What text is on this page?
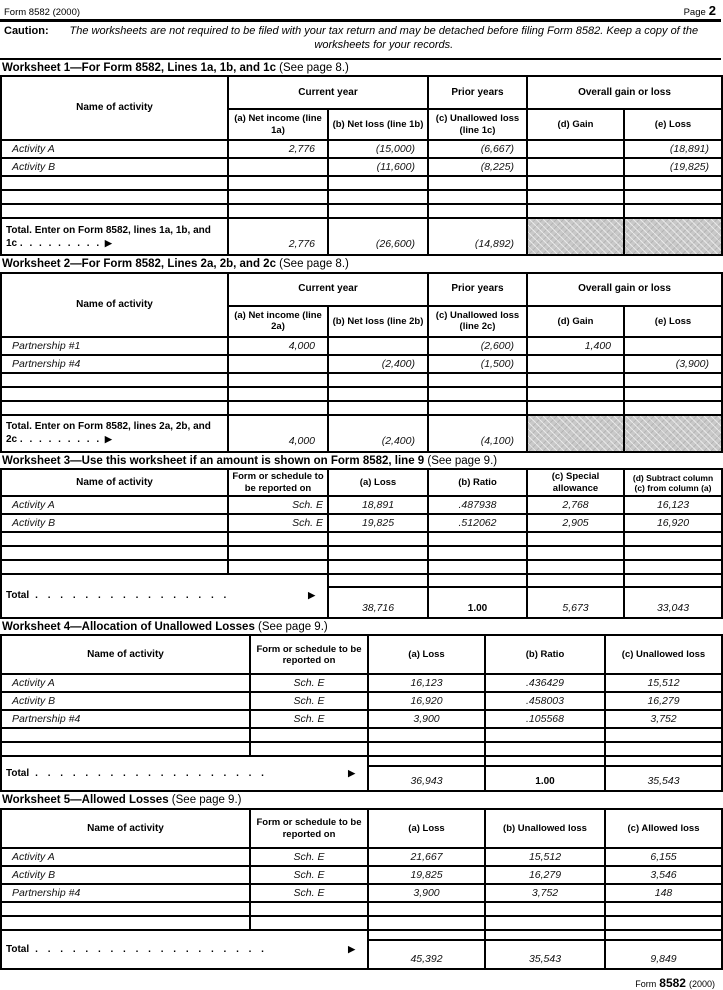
Form 8582 (2000)	Page 2
Caution:	The worksheets are not required to be filed with your tax return and may be detached before filing Form 8582. Keep a copy of the worksheets for your records.
Worksheet 1—For Form 8582, Lines 1a, 1b, and 1c (See page 8.)
Name of activity	Current year		Prior years	Overall gain or loss	
	(a) Net income (line 1a)	(b) Net loss (line 1b)	(c) Unallowed loss (line 1c)	(d) Gain	(e) Loss
Activity A	2,776	(15,000)	(6,667)		(18,891)
Activity B		(11,600)	(8,225)		(19,825)

Total. Enter on Form 8582, lines 1a, 1b, and 1c . . . . . . . . . ▶	2,776	(26,600)	(14,892)		
Worksheet 2—For Form 8582, Lines 2a, 2b, and 2c (See page 8.)
Name of activity	Current year		Prior years	Overall gain or loss	
	(a) Net income (line 2a)	(b) Net loss (line 2b)	(c) Unallowed loss (line 2c)	(d) Gain	(e) Loss
Partnership #1	4,000		(2,600)	1,400	
Partnership #4		(2,400)	(1,500)		(3,900)

Total. Enter on Form 8582, lines 2a, 2b, and 2c . . . . . . . . . ▶	4,000	(2,400)	(4,100)		
Worksheet 3—Use this worksheet if an amount is shown on Form 8582, line 9 (See page 9.)
Name of activity	Form or schedule to be reported on	(a) Loss	(b) Ratio	(c) Special allowance	(d) Subtract column (c) from column (a)
Activity A	Sch. E	18,891	.487938	2,768	16,123
Activity B	Sch. E	19,825	.512062	2,905	16,920

Total . . . . . . . . . . . . . . . . ▶		38,716	1.00	5,673	33,043
Worksheet 4—Allocation of Unallowed Losses (See page 9.)
Name of activity	Form or schedule to be reported on	(a) Loss	(b) Ratio	(c) Unallowed loss
Activity A	Sch. E	16,123	.436429	15,512
Activity B	Sch. E	16,920	.458003	16,279
Partnership #4	Sch. E	3,900	.105568	3,752

Total . . . . . . . . . . . . . . . . . . . ▶		36,943	1.00	35,543
Worksheet 5—Allowed Losses (See page 9.)
Name of activity	Form or schedule to be reported on	(a) Loss	(b) Unallowed loss	(c) Allowed loss
Activity A	Sch. E	21,667	15,512	6,155
Activity B	Sch. E	19,825	16,279	3,546
Partnership #4	Sch. E	3,900	3,752	148

Total . . . . . . . . . . . . . . . . . . . ▶		45,392	35,543	9,849
Form 8582 (2000)
